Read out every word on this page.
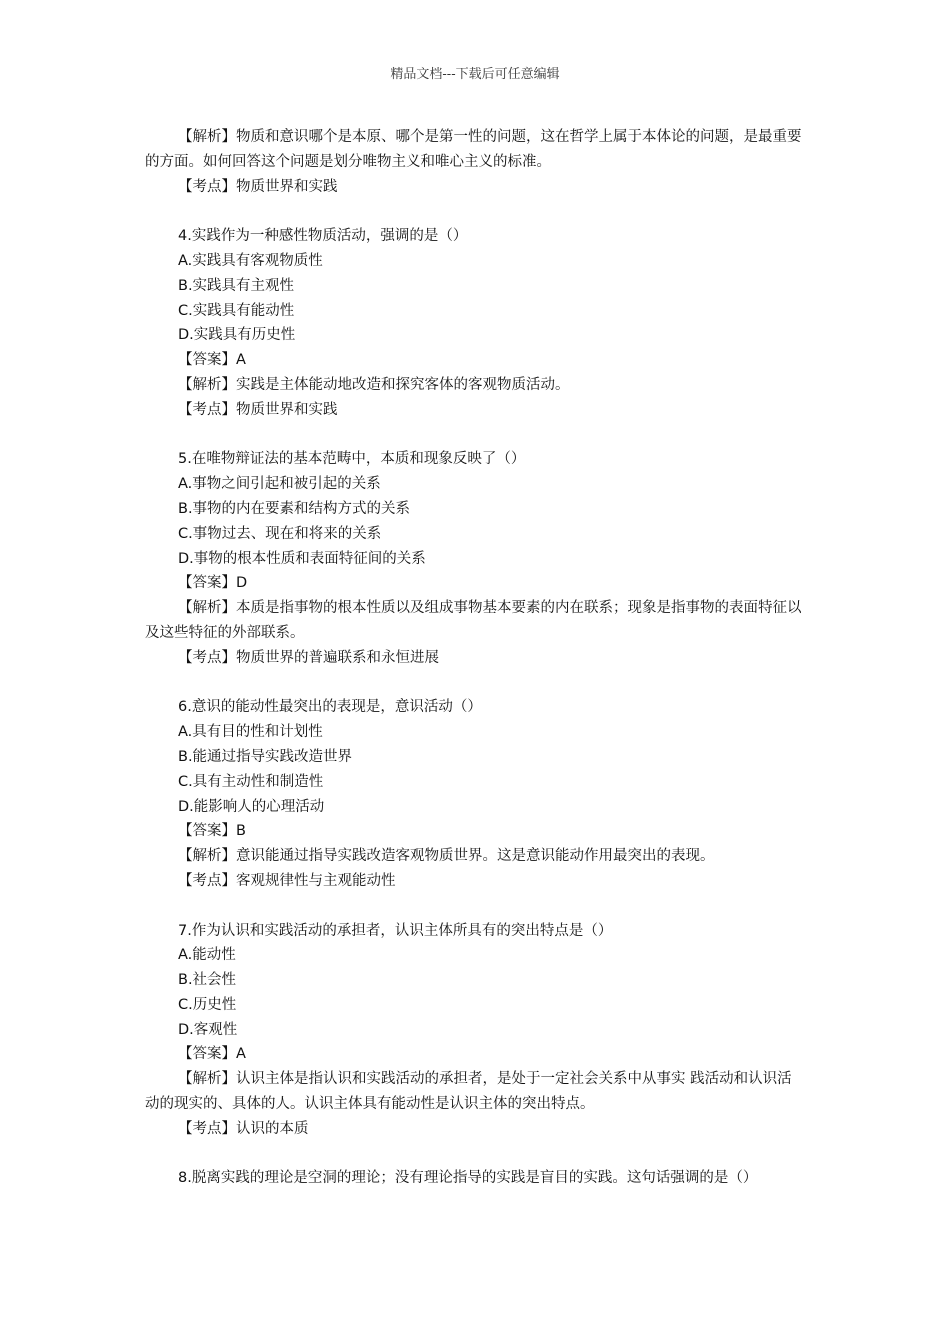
精品文档---下载后可任意编辑
【解析】物质和意识哪个是本原、哪个是第一性的问题，这在哲学上属于本体论的问题，是最重要的方面。如何回答这个问题是划分唯物主义和唯心主义的标准。
【考点】物质世界和实践
4.实践作为一种感性物质活动，强调的是（）
A.实践具有客观物质性
B.实践具有主观性
C.实践具有能动性
D.实践具有历史性
【答案】A
【解析】实践是主体能动地改造和探究客体的客观物质活动。
【考点】物质世界和实践
5.在唯物辩证法的基本范畴中，本质和现象反映了（）
A.事物之间引起和被引起的关系
B.事物的内在要素和结构方式的关系
C.事物过去、现在和将来的关系
D.事物的根本性质和表面特征间的关系
【答案】D
【解析】本质是指事物的根本性质以及组成事物基本要素的内在联系；现象是指事物的表面特征以及这些特征的外部联系。
【考点】物质世界的普遍联系和永恒进展
6.意识的能动性最突出的表现是，意识活动（）
A.具有目的性和计划性
B.能通过指导实践改造世界
C.具有主动性和制造性
D.能影响人的心理活动
【答案】B
【解析】意识能通过指导实践改造客观物质世界。这是意识能动作用最突出的表现。
【考点】客观规律性与主观能动性
7.作为认识和实践活动的承担者，认识主体所具有的突出特点是（）
A.能动性
B.社会性
C.历史性
D.客观性
【答案】A
【解析】认识主体是指认识和实践活动的承担者，是处于一定社会关系中从事实 践活动和认识活动的现实的、具体的人。认识主体具有能动性是认识主体的突出特点。
【考点】认识的本质
8.脱离实践的理论是空洞的理论；没有理论指导的实践是盲目的实践。这句话强调的是（）
